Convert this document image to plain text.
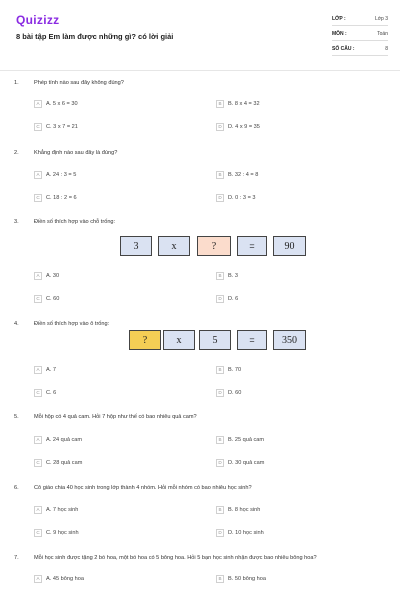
Quizizz
8 bài tập Em làm được những gì? có lời giải
LỚP :	Lớp 3
MÔN :	Toán
SỐ CÂU :	8
1.	Phép tính nào sau đây không đúng?
A	A. 5 x 6 = 30	B	B. 8 x 4 = 32
C	C. 3 x 7 = 21	D	D. 4 x 9 = 35
2.	Khẳng định nào sau đây là đúng?
A	A. 24 : 3 = 5	B	B. 32 : 4 = 8
C	C. 18 : 2 = 6	D	D. 0 : 3 = 3
3.	Điền số thích hợp vào chỗ trống:
3	x	?	=	90
A	A. 30	B	B. 3
C	C. 60	D	D. 6
4.	Điền số thích hợp vào ô trống:
?	x	5	=	350
A	A. 7	B	B. 70
C	C. 6	D	D. 60
5.	Mỗi hộp có 4 quả cam. Hỏi 7 hộp như thế có bao nhiêu quả cam?
A	A. 24 quả cam	B	B. 25 quả cam
C	C. 28 quả cam	D	D. 30 quả cam
6.	Cô giáo chia 40 học sinh trong lớp thành 4 nhóm. Hỏi mỗi nhóm có bao nhiêu học sinh?
A	A. 7 học sinh	B	B. 8 học sinh
C	C. 9 học sinh	D	D. 10 học sinh
7.	Mỗi học sinh được tặng 2 bó hoa, một bó hoa có 5 bông hoa. Hỏi 5 bạn học sinh nhận được bao nhiêu bông hoa?
A	A. 45 bông hoa	B	B. 50 bông hoa
